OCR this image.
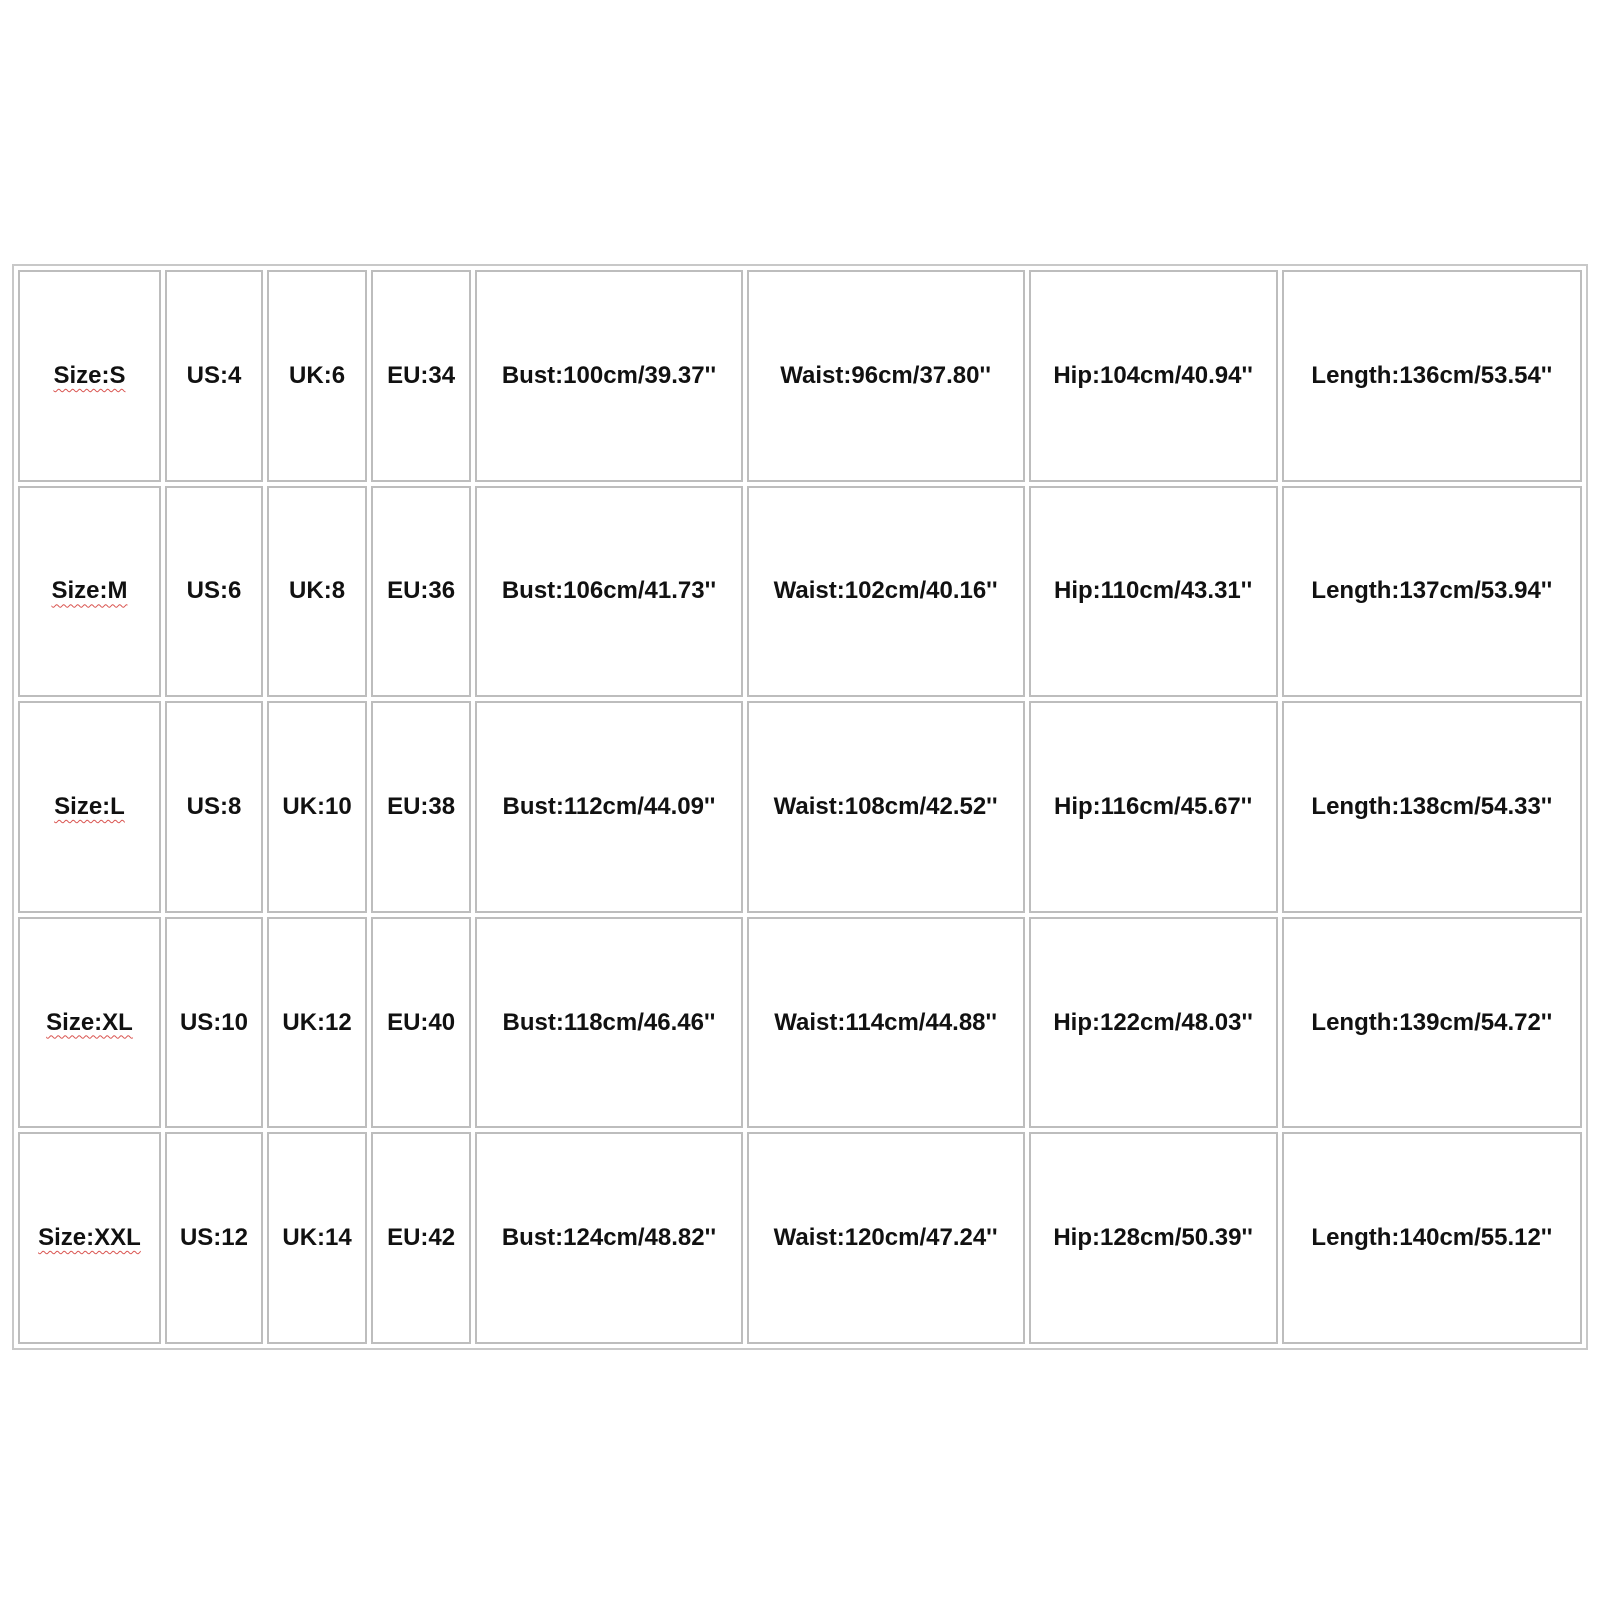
Size:S	US:4	UK:6	EU:34	Bust:100cm/39.37''	Waist:96cm/37.80''	Hip:104cm/40.94''	Length:136cm/53.54''
Size:M	US:6	UK:8	EU:36	Bust:106cm/41.73''	Waist:102cm/40.16''	Hip:110cm/43.31''	Length:137cm/53.94''
Size:L	US:8	UK:10	EU:38	Bust:112cm/44.09''	Waist:108cm/42.52''	Hip:116cm/45.67''	Length:138cm/54.33''
Size:XL	US:10	UK:12	EU:40	Bust:118cm/46.46''	Waist:114cm/44.88''	Hip:122cm/48.03''	Length:139cm/54.72''
Size:XXL	US:12	UK:14	EU:42	Bust:124cm/48.82''	Waist:120cm/47.24''	Hip:128cm/50.39''	Length:140cm/55.12''
